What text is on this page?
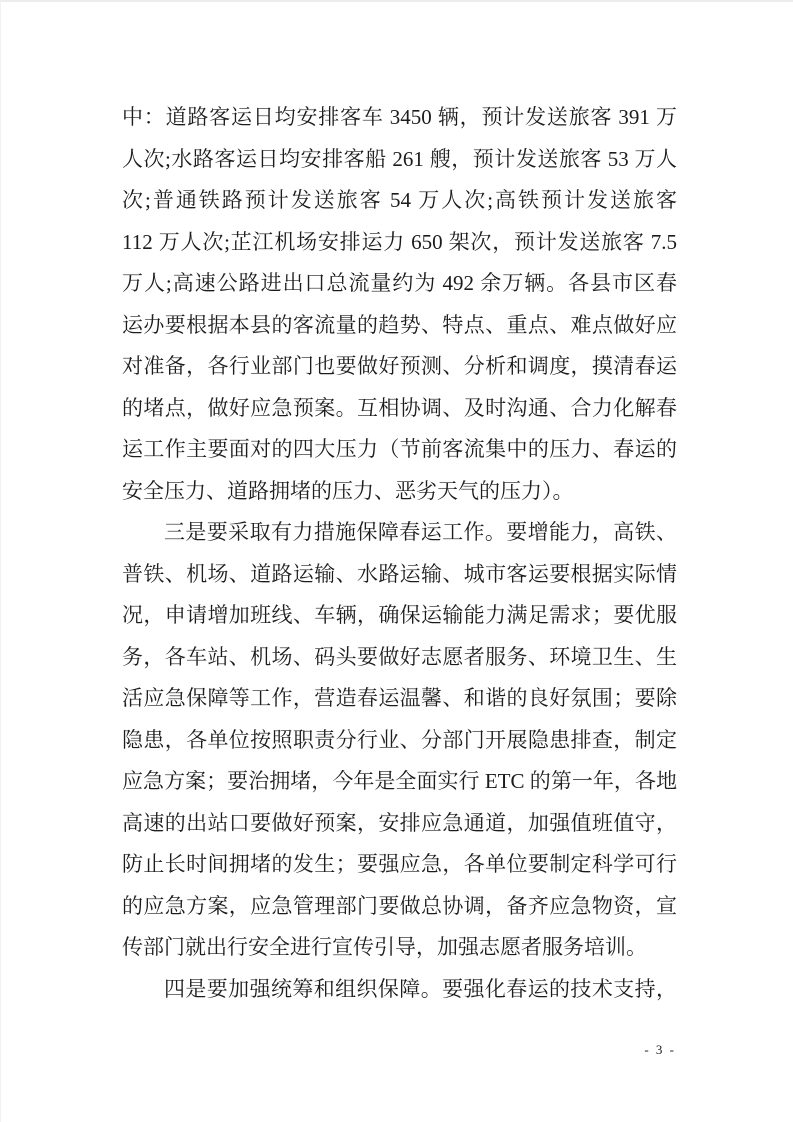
中：道路客运日均安排客车 3450 辆，预计发送旅客 391 万
人次;水路客运日均安排客船 261 艘，预计发送旅客 53 万人
次;普通铁路预计发送旅客 54 万人次;高铁预计发送旅客
112 万人次;芷江机场安排运力 650 架次，预计发送旅客 7.5
万人;高速公路进出口总流量约为 492 余万辆。各县市区春
运办要根据本县的客流量的趋势、特点、重点、难点做好应
对准备，各行业部门也要做好预测、分析和调度，摸清春运
的堵点，做好应急预案。互相协调、及时沟通、合力化解春
运工作主要面对的四大压力（节前客流集中的压力、春运的
安全压力、道路拥堵的压力、恶劣天气的压力）。
三是要采取有力措施保障春运工作。要增能力，高铁、
普铁、机场、道路运输、水路运输、城市客运要根据实际情
况，申请增加班线、车辆，确保运输能力满足需求；要优服
务，各车站、机场、码头要做好志愿者服务、环境卫生、生
活应急保障等工作，营造春运温馨、和谐的良好氛围；要除
隐患，各单位按照职责分行业、分部门开展隐患排查，制定
应急方案；要治拥堵，今年是全面实行 ETC 的第一年，各地
高速的出站口要做好预案，安排应急通道，加强值班值守，
防止长时间拥堵的发生；要强应急，各单位要制定科学可行
的应急方案，应急管理部门要做总协调，备齐应急物资，宣
传部门就出行安全进行宣传引导，加强志愿者服务培训。
四是要加强统筹和组织保障。要强化春运的技术支持，
- 3 -
